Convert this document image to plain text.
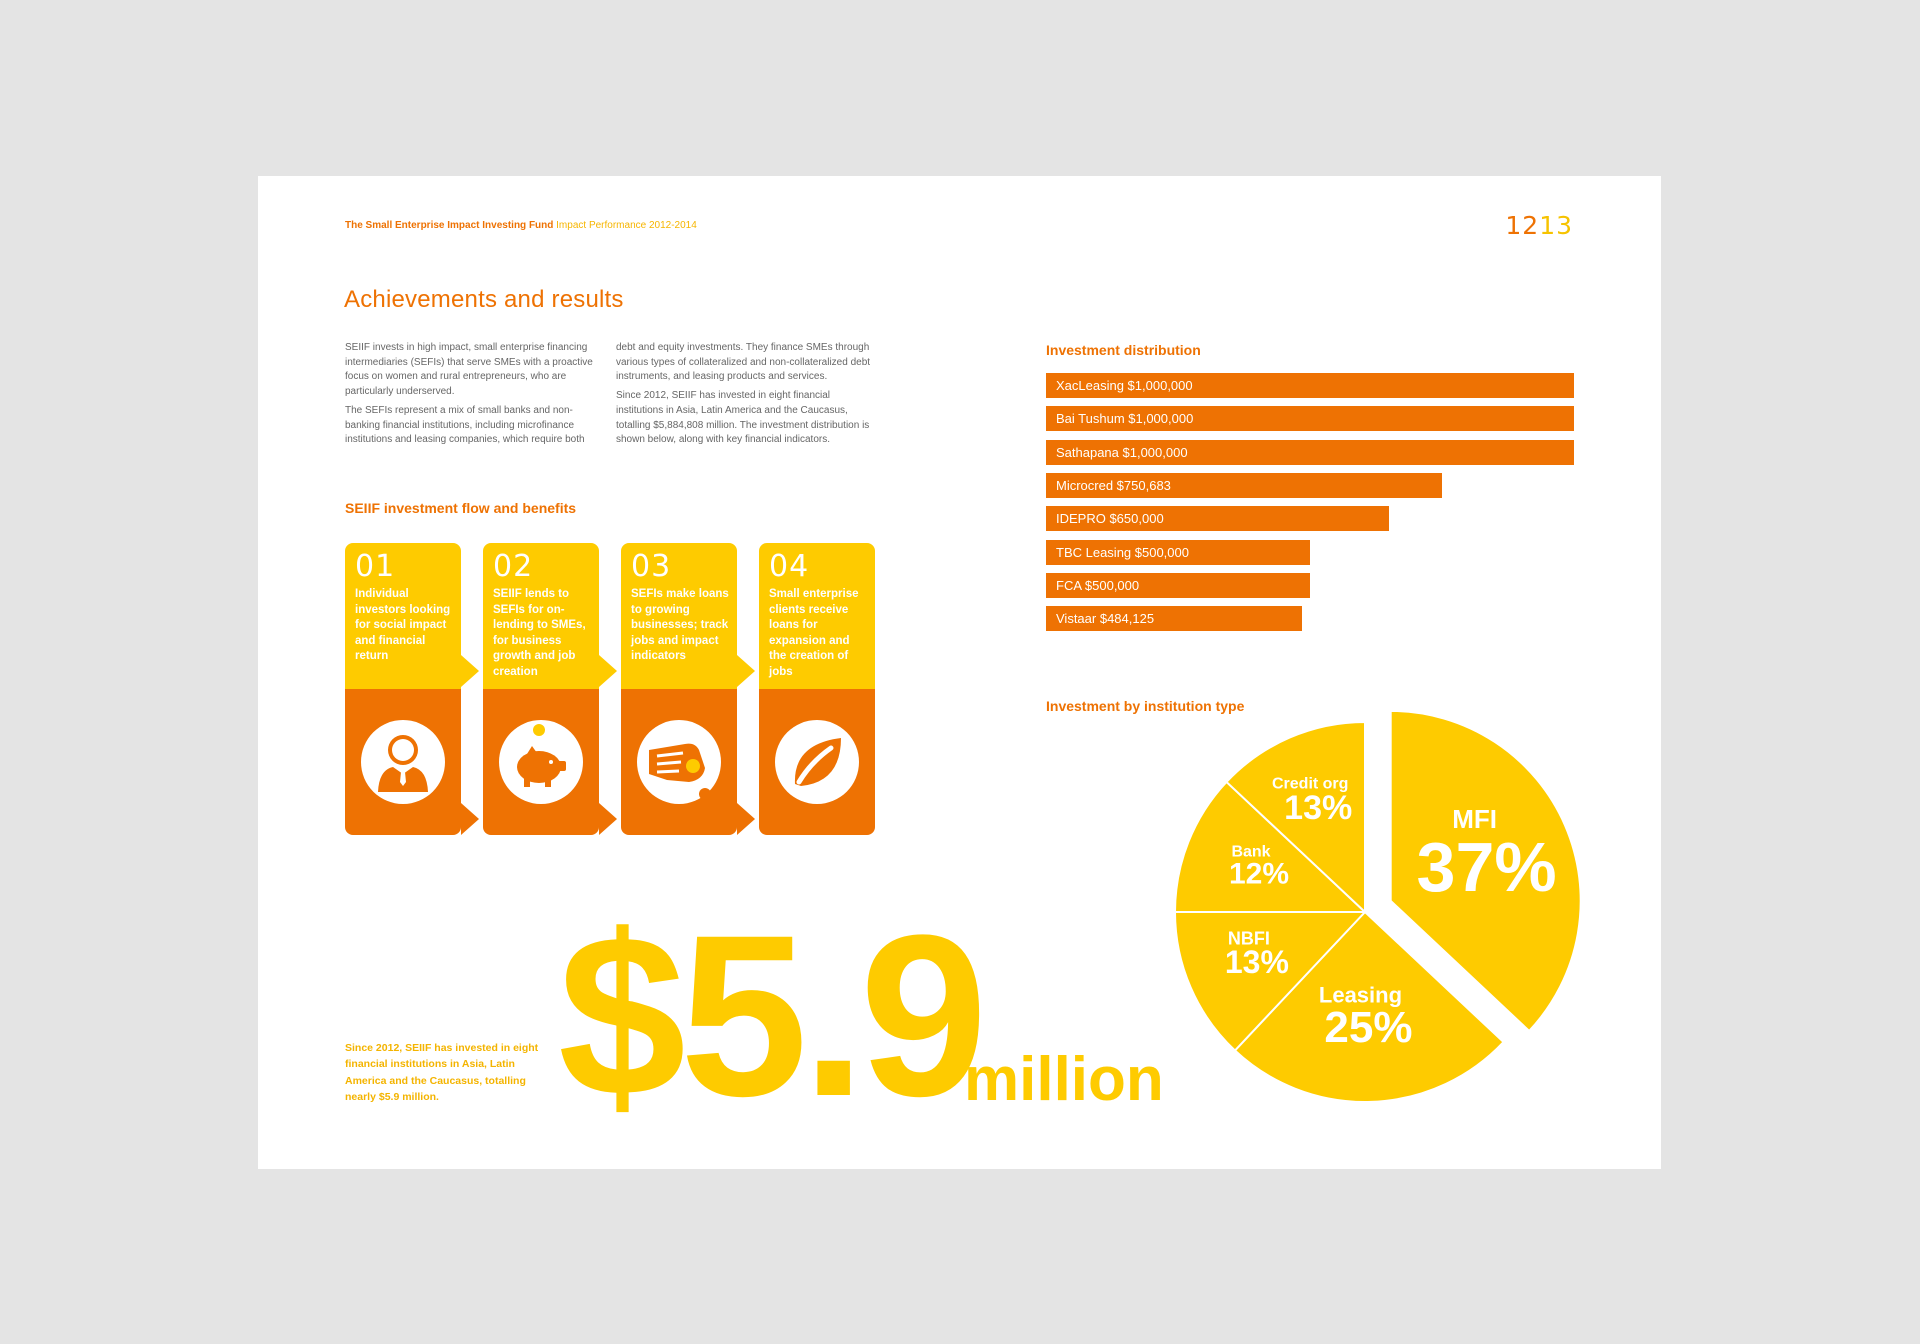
The Small Enterprise Impact Investing Fund Impact Performance 2012-2014	1213
Achievements and results

SEIIF invests in high impact, small enterprise financing intermediaries (SEFIs) that serve SMEs with a proactive focus on women and rural entrepreneurs, who are particularly underserved.

The SEFIs represent a mix of small banks and non-banking financial institutions, including microfinance institutions and leasing companies, which require both

debt and equity investments. They finance SMEs through various types of collateralized and non-collateralized debt instruments, and leasing products and services.

Since 2012, SEIIF has invested in eight financial institutions in Asia, Latin America and the Caucasus, totalling $5,884,808 million. The investment distribution is shown below, along with key financial indicators.

SEIIF investment flow and benefits
01
Individual investors looking for social impact and financial return
02
SEIIF lends to SEFIs for on-lending to SMEs, for business growth and job creation
03
SEFIs make loans to growing businesses; track jobs and impact indicators
04
Small enterprise clients receive loans for expansion and the creation of jobs
Investment distribution
XacLeasing $1,000,000
Bai Tushum $1,000,000
Sathapana $1,000,000
Microcred $750,683
IDEPRO $650,000
TBC Leasing $500,000
FCA $500,000
Vistaar $484,125
Investment by institution type
MFI
37%
Leasing
25%
NBFI
13%
Bank
12%
Credit org
13%
$5.9
million
Since 2012, SEIIF has invested in eight financial institutions in Asia, Latin America and the Caucasus, totalling nearly $5.9 million.
